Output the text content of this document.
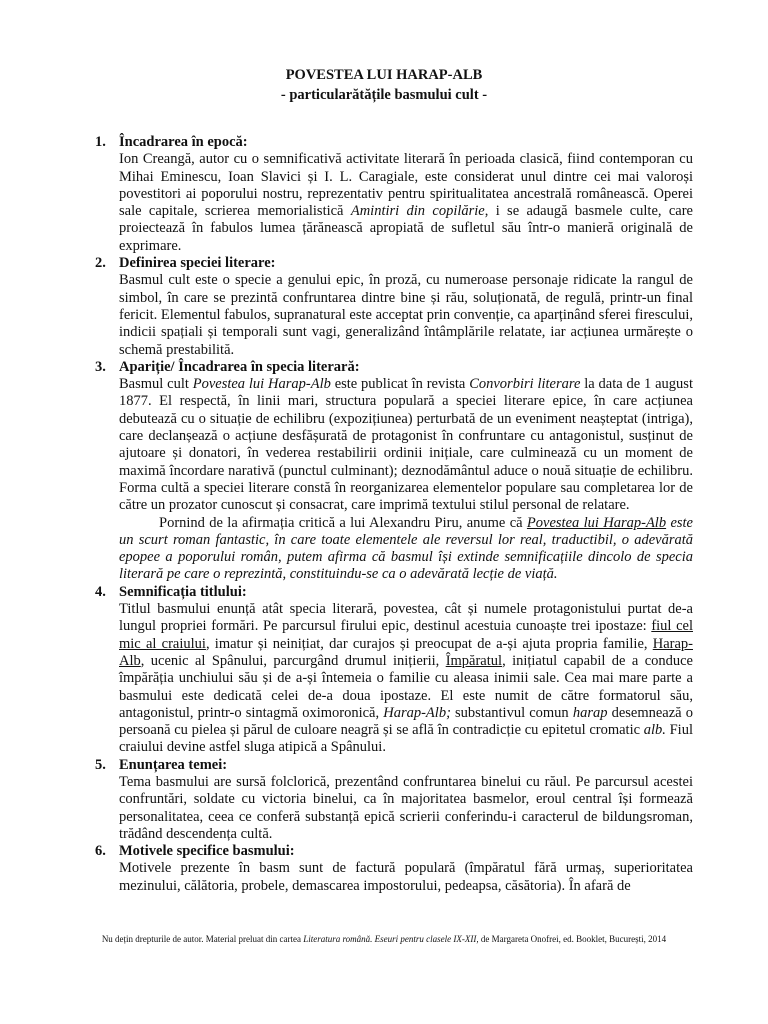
POVESTEA LUI HARAP-ALB
- particularătățile basmului cult -
1. Încadrarea în epocă:
Ion Creangă, autor cu o semnificativă activitate literară în perioada clasică, fiind contemporan cu Mihai Eminescu, Ioan Slavici și I. L. Caragiale, este considerat unul dintre cei mai valoroși povestitori ai poporului nostru, reprezentativ pentru spiritualitatea ancestrală românească. Operei sale capitale, scrierea memorialistică Amintiri din copilărie, i se adaugă basmele culte, care proiectează în fabulos lumea țărănească apropiată de sufletul său într-o manieră originală de exprimare.
2. Definirea speciei literare:
Basmul cult este o specie a genului epic, în proză, cu numeroase personaje ridicate la rangul de simbol, în care se prezintă confruntarea dintre bine și rău, soluționată, de regulă, printr-un final fericit. Elementul fabulos, supranatural este acceptat prin convenție, ca aparținând sferei firescului, indicii spațiali și temporali sunt vagi, generalizând întâmplările relatate, iar acțiunea urmărește o schemă prestabilită.
3. Apariție/ Încadrarea în specia literară:
Basmul cult Povestea lui Harap-Alb este publicat în revista Convorbiri literare la data de 1 august 1877. El respectă, în linii mari, structura populară a speciei literare epice, în care acțiunea debutează cu o situație de echilibru (expozițiunea) perturbată de un eveniment neașteptat (intriga), care declanșează o acțiune desfășurată de protagonist în confruntare cu antagonistul, susținut de ajutoare și donatori, în vederea restabilirii ordinii inițiale, care culminează cu un moment de maximă încordare narativă (punctul culminant); deznodământul aduce o nouă situație de echilibru. Forma cultă a speciei literare constă în reorganizarea elementelor populare sau completarea lor de către un prozator cunoscut și consacrat, care imprimă textului stilul personal de relatare.
Pornind de la afirmația critică a lui Alexandru Piru, anume că Povestea lui Harap-Alb este un scurt roman fantastic, în care toate elementele ale reversul lor real, traductibil, o adevărată epopee a poporului român, putem afirma că basmul își extinde semnificațiile dincolo de specia literară pe care o reprezintă, constituindu-se ca o adevărată lecție de viață.
4. Semnificația titlului:
Titlul basmului enunță atât specia literară, povestea, cât și numele protagonistului purtat de-a lungul propriei formări. Pe parcursul firului epic, destinul acestuia cunoaște trei ipostaze: fiul cel mic al craiului, imatur și neinițiat, dar curajos și preocupat de a-și ajuta propria familie, Harap-Alb, ucenic al Spânului, parcurgând drumul inițierii, Împăratul, inițiatul capabil de a conduce împărăția unchiului său și de a-și întemeia o familie cu aleasa inimii sale. Cea mai mare parte a basmului este dedicată celei de-a doua ipostaze. El este numit de către formatorul său, antagonistul, printr-o sintagmă oximoronică, Harap-Alb; substantivul comun harap desemnează o persoană cu pielea și părul de culoare neagră și se află în contradicție cu epitetul cromatic alb. Fiul craiului devine astfel sluga atipică a Spânului.
5. Enunțarea temei:
Tema basmului are sursă folclorică, prezentând confruntarea binelui cu răul. Pe parcursul acestei confruntări, soldate cu victoria binelui, ca în majoritatea basmelor, eroul central își formează personalitatea, ceea ce conferă substanță epică scrierii conferindu-i caracterul de bildungsroman, trădând descendența cultă.
6. Motivele specifice basmului:
Motivele prezente în basm sunt de factură populară (împăratul fără urmaș, superioritatea mezinului, călătoria, probele, demascarea impostorului, pedeapsa, căsătoria). În afară de
Nu dețin drepturile de autor. Material preluat din cartea Literatura română. Eseuri pentru clasele IX-XII, de Margareta Onofrei, ed. Booklet, București, 2014
